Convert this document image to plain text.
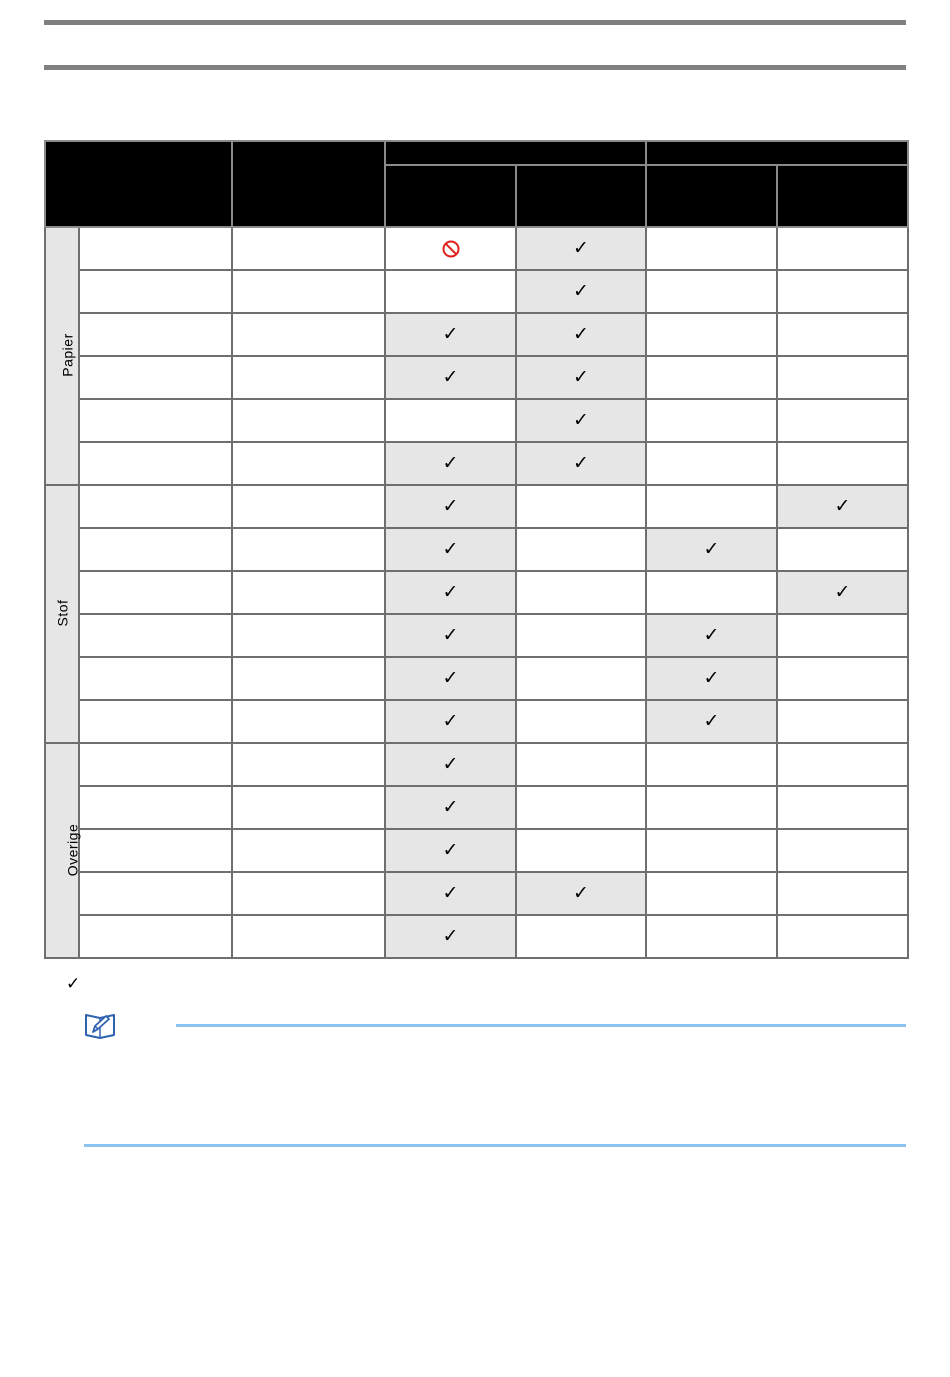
Papier				✓		
				✓		
			✓	✓		
			✓	✓		
				✓		
			✓	✓		
Stof			✓			✓
			✓		✓	
			✓			✓
			✓		✓	
			✓		✓	
			✓		✓	
Overige			✓			
			✓			
			✓			
			✓	✓		
			✓			
✓
